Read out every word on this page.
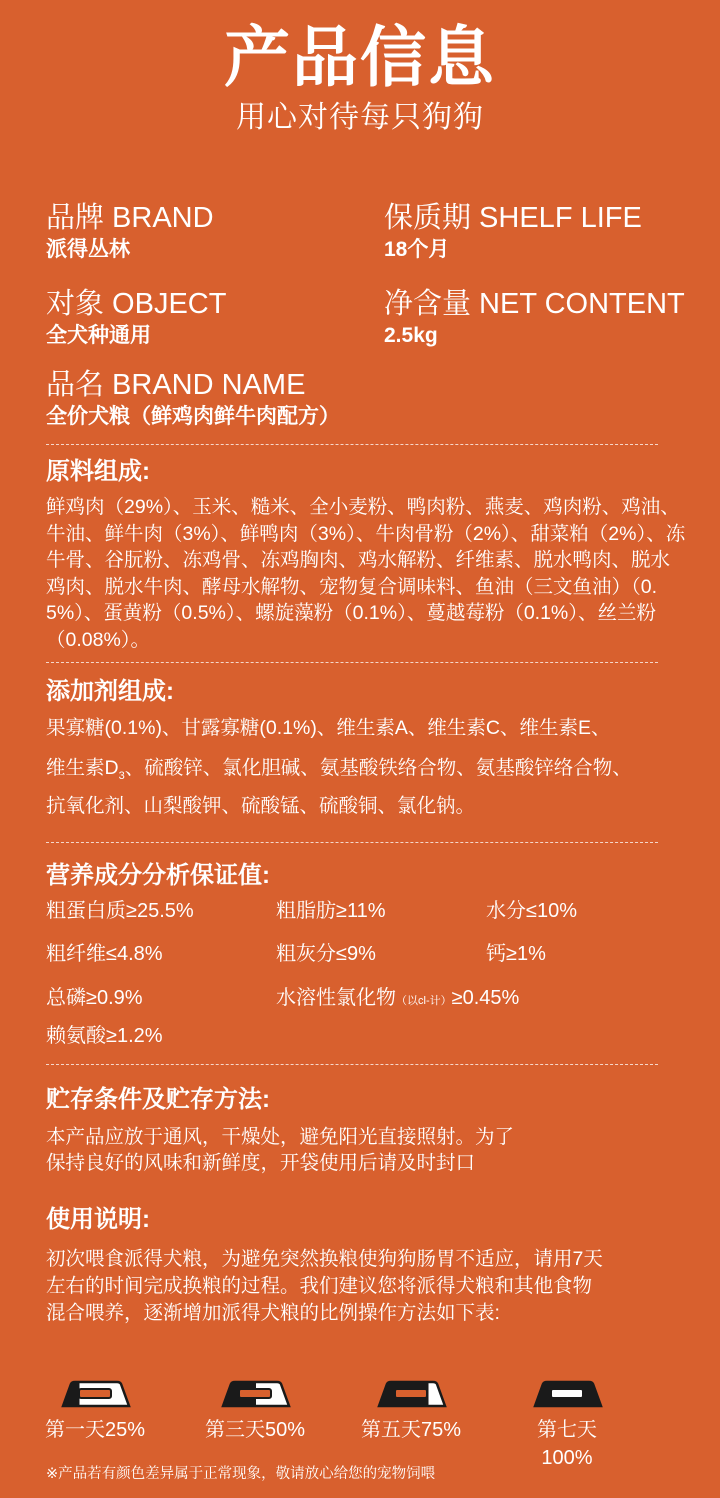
产品信息
用心对待每只狗狗
品牌 BRAND
派得丛林
保质期 SHELF LIFE
18个月
对象 OBJECT
全犬种通用
净含量 NET CONTENT
2.5kg
品名 BRAND NAME
全价犬粮（鲜鸡肉鲜牛肉配方）
原料组成:
鲜鸡肉（29%）、玉米、糙米、全小麦粉、鸭肉粉、燕麦、鸡肉粉、鸡油、牛油、鲜牛肉（3%）、鲜鸭肉（3%）、牛肉骨粉（2%）、甜菜粕（2%）、冻牛骨、谷朊粉、冻鸡骨、冻鸡胸肉、鸡水解粉、纤维素、脱水鸭肉、脱水鸡肉、脱水牛肉、酵母水解物、宠物复合调味料、鱼油（三文鱼油）（0.5%）、蛋黄粉（0.5%）、螺旋藻粉（0.1%）、蔓越莓粉（0.1%）、丝兰粉（0.08%）。
添加剂组成:
果寡糖(0.1%)、甘露寡糖(0.1%)、维生素A、维生素C、维生素E、
维生素$D_3$、硫酸锌、氯化胆碱、氨基酸铁络合物、氨基酸锌络合物、
抗氧化剂、山梨酸钾、硫酸锰、硫酸铜、氯化钠。
营养成分分析保证值:
粗蛋白质≥25.5%	粗脂肪≥11%	水分≤10%
粗纤维≤4.8%	粗灰分≤9%	钙≥1%
总磷≥0.9%	水溶性氯化物（以cl-计）≥0.45%
赖氨酸≥1.2%
贮存条件及贮存方法:
本产品应放于通风，干燥处，避免阳光直接照射。为了
保持良好的风味和新鲜度，开袋使用后请及时封口
使用说明:
初次喂食派得犬粮，为避免突然换粮使狗狗肠胃不适应，请用7天
左右的时间完成换粮的过程。我们建议您将派得犬粮和其他食物
混合喂养，逐渐增加派得犬粮的比例操作方法如下表:
第一天25%	第三天50%	第五天75%	第七天100%
※产品若有颜色差异属于正常现象，敬请放心给您的宠物饲喂
